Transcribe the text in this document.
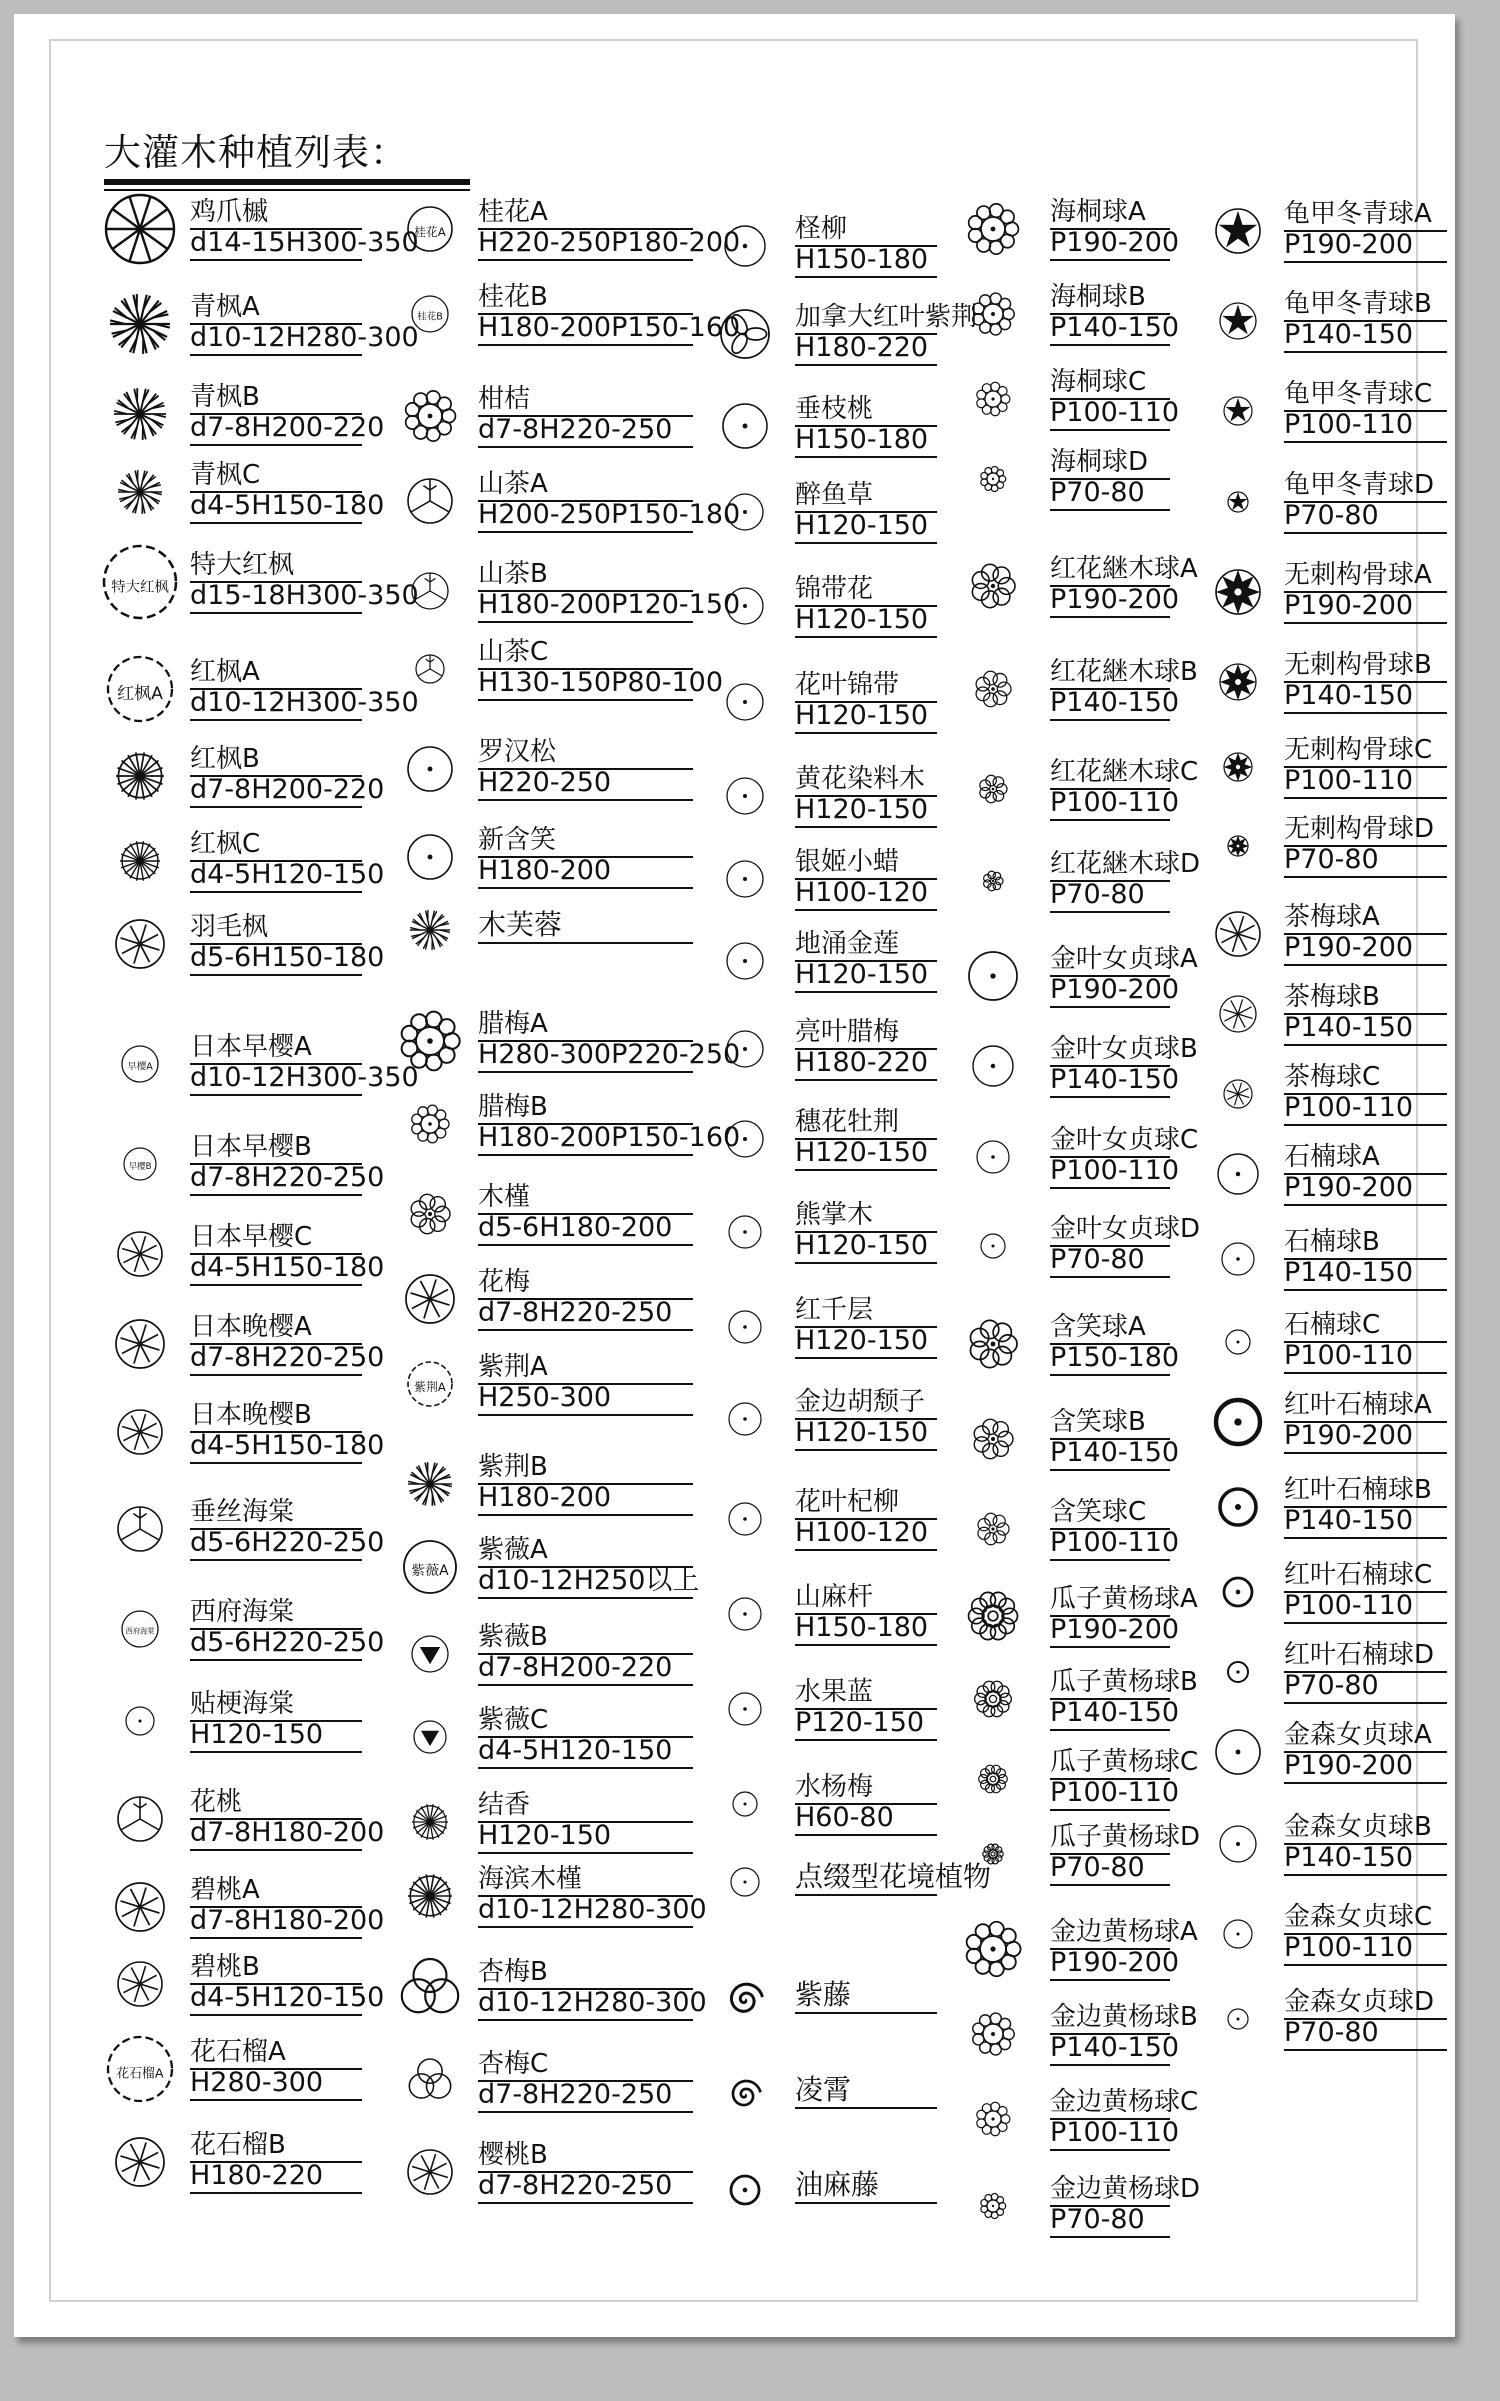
大灌木种植列表：
鸡爪槭
d14-15H300-350
青枫A
d10-12H280-300
青枫B
d7-8H200-220
青枫C
d4-5H150-180
特大红枫
特大红枫
d15-18H300-350
红枫A
红枫A
d10-12H300-350
红枫B
d7-8H200-220
红枫C
d4-5H120-150
羽毛枫
d5-6H150-180
早樱A
日本早樱A
d10-12H300-350
早樱B
日本早樱B
d7-8H220-250
日本早樱C
d4-5H150-180
日本晚樱A
d7-8H220-250
日本晚樱B
d4-5H150-180
垂丝海棠
d5-6H220-250
西府海棠
西府海棠
d5-6H220-250
贴梗海棠
H120-150
花桃
d7-8H180-200
碧桃A
d7-8H180-200
碧桃B
d4-5H120-150
花石榴A
花石榴A
H280-300
花石榴B
H180-220
桂花A
桂花A
H220-250P180-200
桂花B
桂花B
H180-200P150-160
柑桔
d7-8H220-250
山茶A
H200-250P150-180
山茶B
H180-200P120-150
山茶C
H130-150P80-100
罗汉松
H220-250
新含笑
H180-200
木芙蓉
腊梅A
H280-300P220-250
腊梅B
H180-200P150-160
木槿
d5-6H180-200
花梅
d7-8H220-250
紫荆A
紫荆A
H250-300
紫荆B
H180-200
紫薇A
紫薇A
d10-12H250以上
紫薇B
d7-8H200-220
紫薇C
d4-5H120-150
结香
H120-150
海滨木槿
d10-12H280-300
杏梅B
d10-12H280-300
杏梅C
d7-8H220-250
樱桃B
d7-8H220-250
柽柳
H150-180
加拿大红叶紫荆
H180-220
垂枝桃
H150-180
醉鱼草
H120-150
锦带花
H120-150
花叶锦带
H120-150
黄花染料木
H120-150
银姬小蜡
H100-120
地涌金莲
H120-150
亮叶腊梅
H180-220
穗花牡荆
H120-150
熊掌木
H120-150
红千层
H120-150
金边胡颓子
H120-150
花叶杞柳
H100-120
山麻杆
H150-180
水果蓝
P120-150
水杨梅
H60-80
点缀型花境植物
紫藤
凌霄
油麻藤
海桐球A
P190-200
海桐球B
P140-150
海桐球C
P100-110
海桐球D
P70-80
红花継木球A
P190-200
红花継木球B
P140-150
红花継木球C
P100-110
红花継木球D
P70-80
金叶女贞球A
P190-200
金叶女贞球B
P140-150
金叶女贞球C
P100-110
金叶女贞球D
P70-80
含笑球A
P150-180
含笑球B
P140-150
含笑球C
P100-110
瓜子黄杨球A
P190-200
瓜子黄杨球B
P140-150
瓜子黄杨球C
P100-110
瓜子黄杨球D
P70-80
金边黄杨球A
P190-200
金边黄杨球B
P140-150
金边黄杨球C
P100-110
金边黄杨球D
P70-80
龟甲冬青球A
P190-200
龟甲冬青球B
P140-150
龟甲冬青球C
P100-110
龟甲冬青球D
P70-80
无刺构骨球A
P190-200
无刺构骨球B
P140-150
无刺构骨球C
P100-110
无刺构骨球D
P70-80
茶梅球A
P190-200
茶梅球B
P140-150
茶梅球C
P100-110
石楠球A
P190-200
石楠球B
P140-150
石楠球C
P100-110
红叶石楠球A
P190-200
红叶石楠球B
P140-150
红叶石楠球C
P100-110
红叶石楠球D
P70-80
金森女贞球A
P190-200
金森女贞球B
P140-150
金森女贞球C
P100-110
金森女贞球D
P70-80
